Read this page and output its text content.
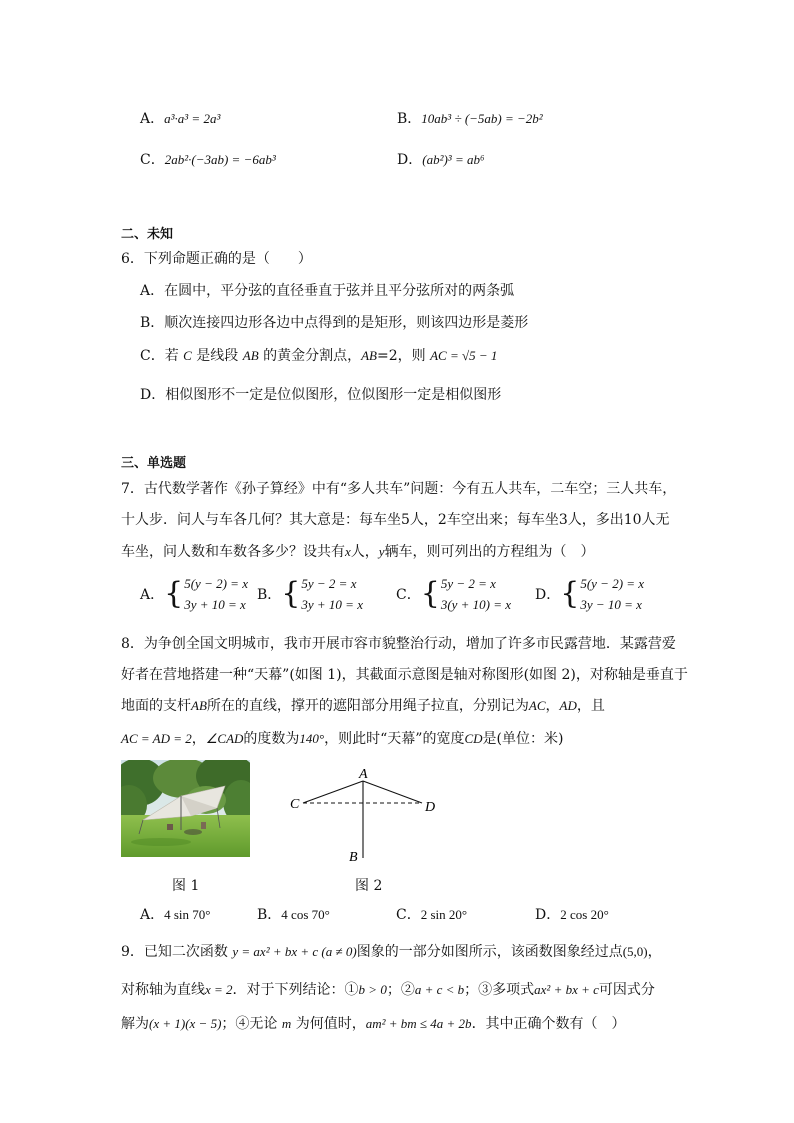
A．a³·a³ = 2a³	B．10ab³ ÷ (−5ab) = −2b²
C．2ab²·(−3ab) = −6ab³	D．(ab²)³ = ab⁶
二、未知
6．下列命题正确的是（　　）
A．在圆中，平分弦的直径垂直于弦并且平分弦所对的两条弧
B．顺次连接四边形各边中点得到的是矩形，则该四边形是菱形
C．若 C 是线段 AB 的黄金分割点，AB=2，则 AC = √5 − 1
D．相似图形不一定是位似图形，位似图形一定是相似图形
三、单选题
7．古代数学著作《孙子算经》中有“多人共车”问题：今有五人共车，二车空；三人共车，
十人步．问人与车各几何？其大意是：每车坐5人，2车空出来；每车坐3人，多出10人无
车坐，问人数和车数各多少？设共有x人，y辆车，则可列出的方程组为（　）
A．{5(y − 2) = x
3y + 10 = x
B．{5y − 2 = x
3y + 10 = x
C．{5y − 2 = x
3(y + 10) = x
D．{5(y − 2) = x
3y − 10 = x
8．为争创全国文明城市，我市开展市容市貌整治行动，增加了许多市民露营地．某露营爱
好者在营地搭建一种“天幕”(如图 1)，其截面示意图是轴对称图形(如图 2)，对称轴是垂直于
地面的支杆AB所在的直线，撑开的遮阳部分用绳子拉直，分别记为AC，AD，且
AC = AD = 2，∠CAD的度数为140°，则此时“天幕”的宽度CD是(单位：米)
图 1
A
C	D
B
图 2
A．4 sin 70°	B．4 cos 70°	C．2 sin 20°	D．2 cos 20°
9．已知二次函数 y = ax² + bx + c (a ≠ 0)图象的一部分如图所示，该函数图象经过点(5,0)，
对称轴为直线x = 2．对于下列结论：①b > 0；②a + c < b；③多项式ax² + bx + c可因式分
解为(x + 1)(x − 5)；④无论 m 为何值时，am² + bm ≤ 4a + 2b．其中正确个数有（　）
